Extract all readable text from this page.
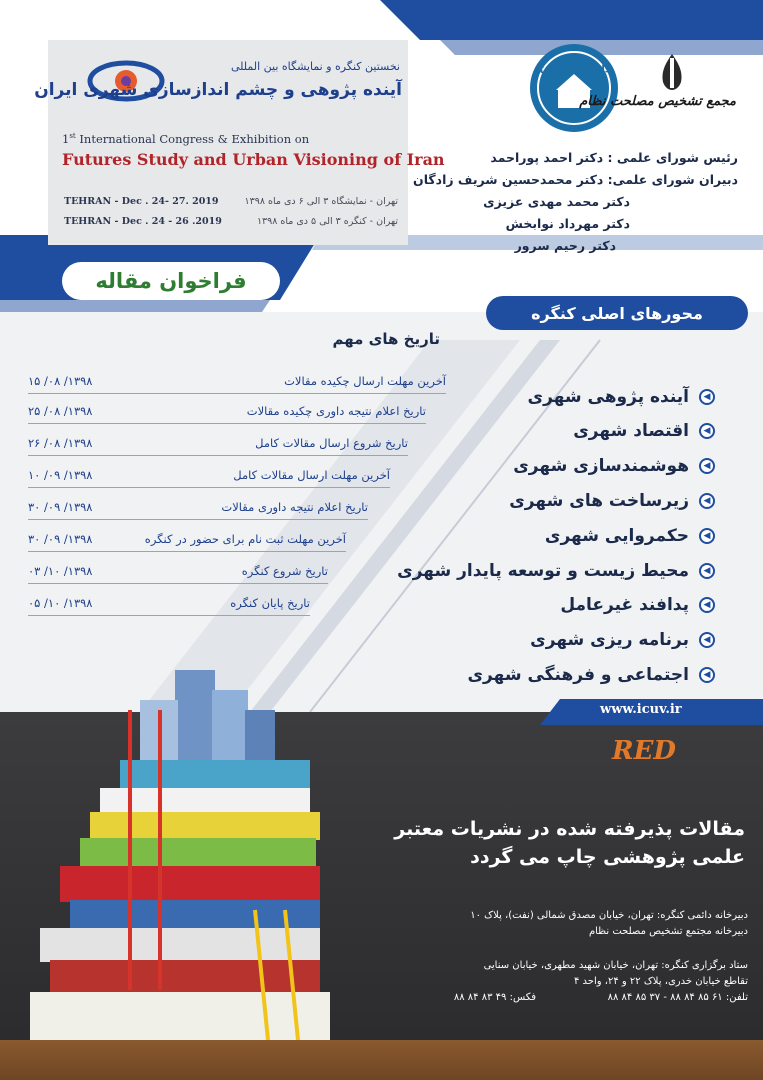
نخستین کنگره و نمایشگاه بین المللی
آینده پژوهی و چشم اندازسازی شهری ایران
1st International Congress & Exhibition on
Futures Study and Urban Visioning of Iran
TEHRAN - Dec . 24- 27. 2019	تهران - نمایشگاه ۳ الی ۶ دی ماه ۱۳۹۸
TEHRAN - Dec . 24 - 26 .2019	تهران - کنگره ۳ الی ۵ دی ماه ۱۳۹۸
دانشگاه تهران
مجمع تشخیص مصلحت نظام
رئیس شورای علمی : دکتر احمد پوراحمد
دبیران شورای علمی: دکتر محمدحسین شریف زادگان
دکتر محمد مهدی عزیزی
دکتر مهرداد نوابخش
دکتر رحیم سرور
فراخوان مقاله
محورهای اصلی کنگره
تاریخ های مهم
۱۳۹۸/ ۰۸/ ۱۵	آخرین مهلت ارسال چکیده مقالات
۱۳۹۸/ ۰۸/ ۲۵	تاریخ اعلام نتیجه داوری چکیده مقالات
۱۳۹۸/ ۰۸/ ۲۶	تاریخ شروع ارسال مقالات کامل
۱۳۹۸/ ۰۹/ ۱۰	آخرین مهلت ارسال مقالات کامل
۱۳۹۸/ ۰۹/ ۳۰	تاریخ اعلام نتیجه داوری مقالات
۱۳۹۸/ ۰۹/ ۳۰	آخرین مهلت ثبت نام برای حضور در کنگره
۱۳۹۸/ ۱۰/ ۰۳	تاریخ شروع کنگره
۱۳۹۸/ ۱۰/ ۰۵	تاریخ پایان کنگره
◀
آینده پژوهی شهری
◀
اقتصاد شهری
◀
هوشمندسازی شهری
◀
زیرساخت های شهری
◀
حکمروایی شهری
◀
محیط زیست و توسعه پایدار شهری
◀
پدافند غیرعامل
◀
برنامه ریزی شهری
◀
اجتماعی و فرهنگی شهری
www.icuv.ir
RED
مقالات پذیرفته شده در نشریات معتبر
علمی پژوهشی چاپ می گردد
دبیرخانه دائمی کنگره: تهران، خیابان مصدق شمالی (نفت)، پلاک ۱۰
دبیرخانه مجتمع تشخیص مصلحت نظام
ستاد برگزاری کنگره: تهران، خیابان شهید مطهری، خیابان سنایی
تقاطع خیابان خدری، پلاک ۲۲ و ۲۴، واحد ۴
تلفن: ۶۱ ۸۵ ۸۴ ۸۸ - ۳۷ ۸۵ ۸۴ ۸۸
فکس: ۴۹ ۸۳ ۸۴ ۸۸
